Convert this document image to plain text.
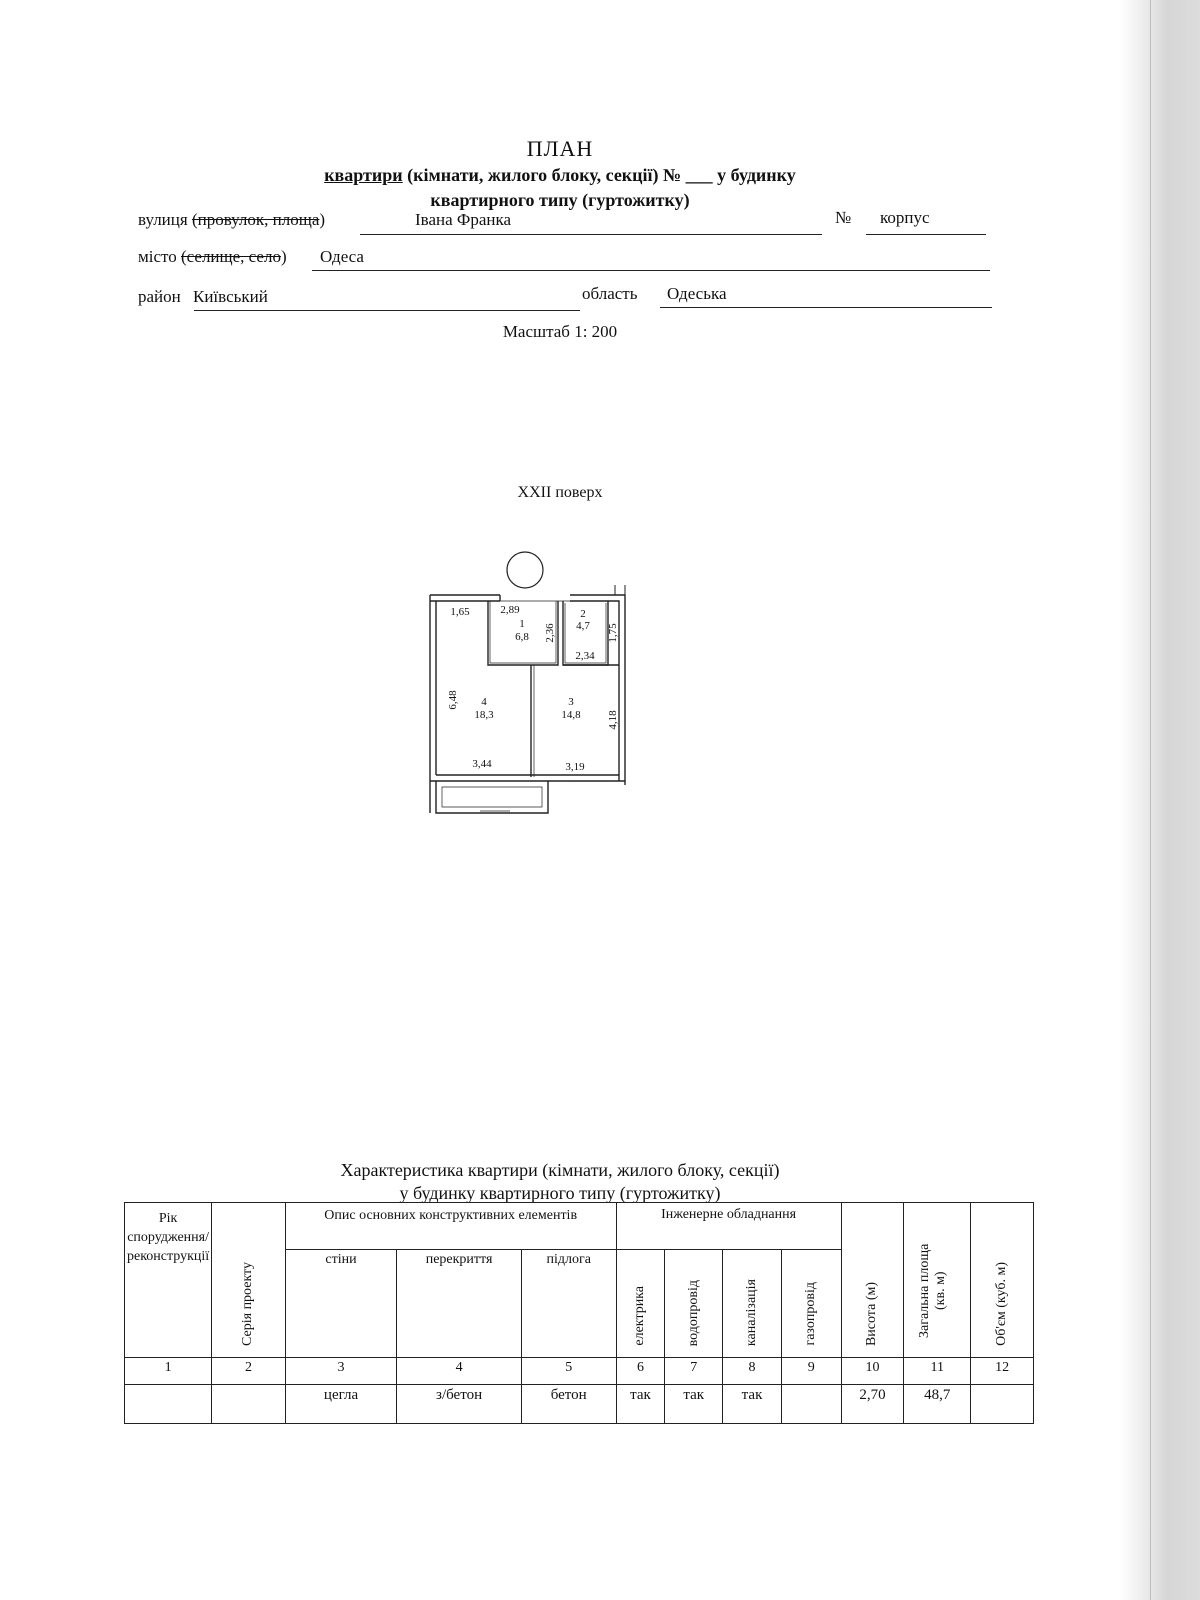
ПЛАН
квартири (кімнати, жилого блоку, секції) № ___ у будинку
квартирного типу (гуртожитку)
вулиця (провулок, площа)	Івана Франка	№ корпус
місто (селище, село) Одеса
район Київський	область Одеська
Масштаб 1: 200
XXII поверх
1
6,8
2
4,7
3
14,8
4
18,3
1,65	2,89
2,36	1,75
2,34
6,48
4,18
3,44	3,19
Характеристика квартири (кімнати, жилого блоку, секції)
у будинку квартирного типу (гуртожитку)
Рік спорудження/ реконструкції	Серія проекту	Опис основних конструктивних елементів			Інженерне обладнання				Висота (м)	Загальна площа (кв. м)	Об'єм (куб. м)
		стіни	перекриття	підлога	електрика	водопровід	каналізація	газопровід			
1	2	3	4	5	6	7	8	9	10	11	12
		цегла	з/бетон	бетон	так	так	так		2,70	48,7	
